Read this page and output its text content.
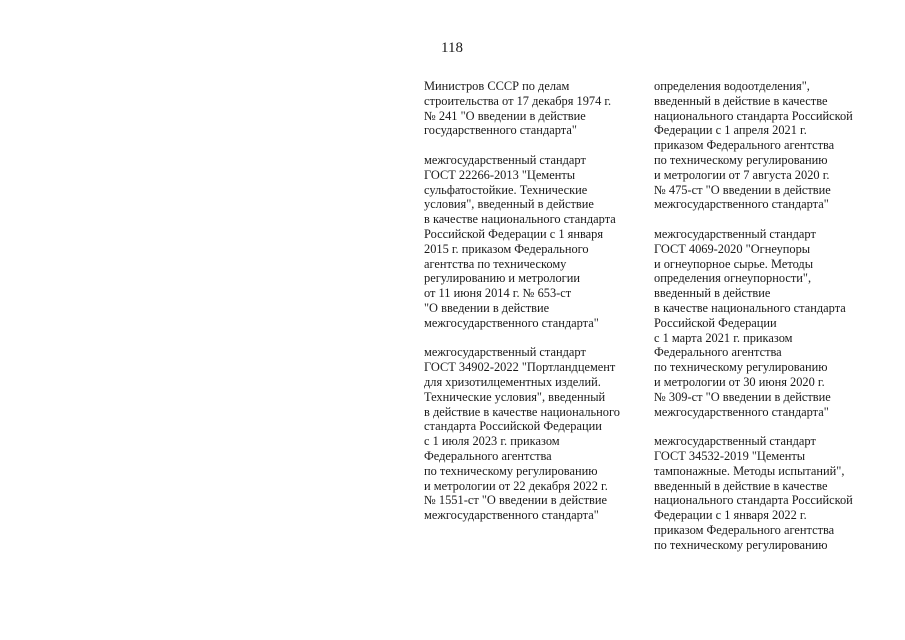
118
Министров СССР по делам
строительства от 17 декабря 1974 г.
№ 241 "О введении в действие
государственного стандарта"
межгосударственный стандарт
ГОСТ 22266-2013 "Цементы
сульфатостойкие. Технические
условия", введенный в действие
в качестве национального стандарта
Российской Федерации с 1 января
2015 г. приказом Федерального
агентства по техническому
регулированию и метрологии
от 11 июня 2014 г. № 653-ст
"О введении в действие
межгосударственного стандарта"
межгосударственный стандарт
ГОСТ 34902-2022 "Портландцемент
для хризотилцементных изделий.
Технические условия", введенный
в действие в качестве национального
стандарта Российской Федерации
с 1 июля 2023 г. приказом
Федерального агентства
по техническому регулированию
и метрологии от 22 декабря 2022 г.
№ 1551-ст "О введении в действие
межгосударственного стандарта"
определения водоотделения",
введенный в действие в качестве
национального стандарта Российской
Федерации с 1 апреля 2021 г.
приказом Федерального агентства
по техническому регулированию
и метрологии от 7 августа 2020 г.
№ 475-ст "О введении в действие
межгосударственного стандарта"
межгосударственный стандарт
ГОСТ 4069-2020 "Огнеупоры
и огнеупорное сырье. Методы
определения огнеупорности",
введенный в действие
в качестве национального стандарта
Российской Федерации
с 1 марта 2021 г. приказом
Федерального агентства
по техническому регулированию
и метрологии от 30 июня 2020 г.
№ 309-ст "О введении в действие
межгосударственного стандарта"
межгосударственный стандарт
ГОСТ 34532-2019 "Цементы
тампонажные. Методы испытаний",
введенный в действие в качестве
национального стандарта Российской
Федерации с 1 января 2022 г.
приказом Федерального агентства
по техническому регулированию
